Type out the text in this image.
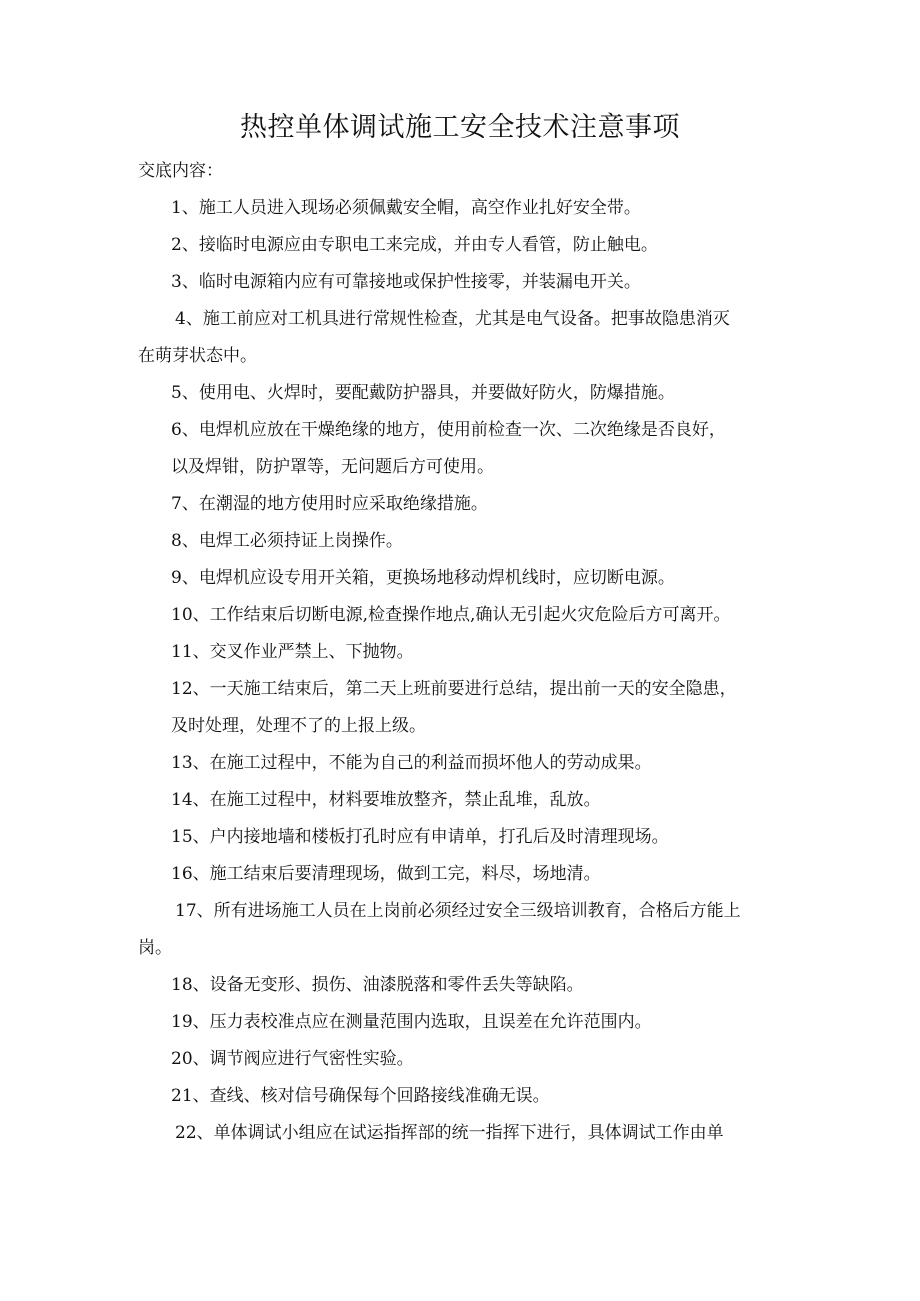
热控单体调试施工安全技术注意事项
交底内容：
1、施工人员进入现场必须佩戴安全帽，高空作业扎好安全带。
2、接临时电源应由专职电工来完成，并由专人看管，防止触电。
3、临时电源箱内应有可靠接地或保护性接零，并装漏电开关。
4、施工前应对工机具进行常规性检查，尤其是电气设备。把事故隐患消灭
在萌芽状态中。
5、使用电、火焊时，要配戴防护器具，并要做好防火，防爆措施。
6、电焊机应放在干燥绝缘的地方，使用前检查一次、二次绝缘是否良好，
以及焊钳，防护罩等，无问题后方可使用。
7、在潮湿的地方使用时应采取绝缘措施。
8、电焊工必须持证上岗操作。
9、电焊机应设专用开关箱，更换场地移动焊机线时，应切断电源。
10、工作结束后切断电源,检查操作地点,确认无引起火灾危险后方可离开。
11、交叉作业严禁上、下抛物。
12、一天施工结束后，第二天上班前要进行总结，提出前一天的安全隐患，
及时处理，处理不了的上报上级。
13、在施工过程中，不能为自己的利益而损坏他人的劳动成果。
14、在施工过程中，材料要堆放整齐，禁止乱堆，乱放。
15、户内接地墙和楼板打孔时应有申请单，打孔后及时清理现场。
16、施工结束后要清理现场，做到工完，料尽，场地清。
17、所有进场施工人员在上岗前必须经过安全三级培训教育，合格后方能上
岗。
18、设备无变形、损伤、油漆脱落和零件丢失等缺陷。
19、压力表校准点应在测量范围内选取，且误差在允许范围内。
20、调节阀应进行气密性实验。
21、查线、核对信号确保每个回路接线准确无误。
22、单体调试小组应在试运指挥部的统一指挥下进行，具体调试工作由单
